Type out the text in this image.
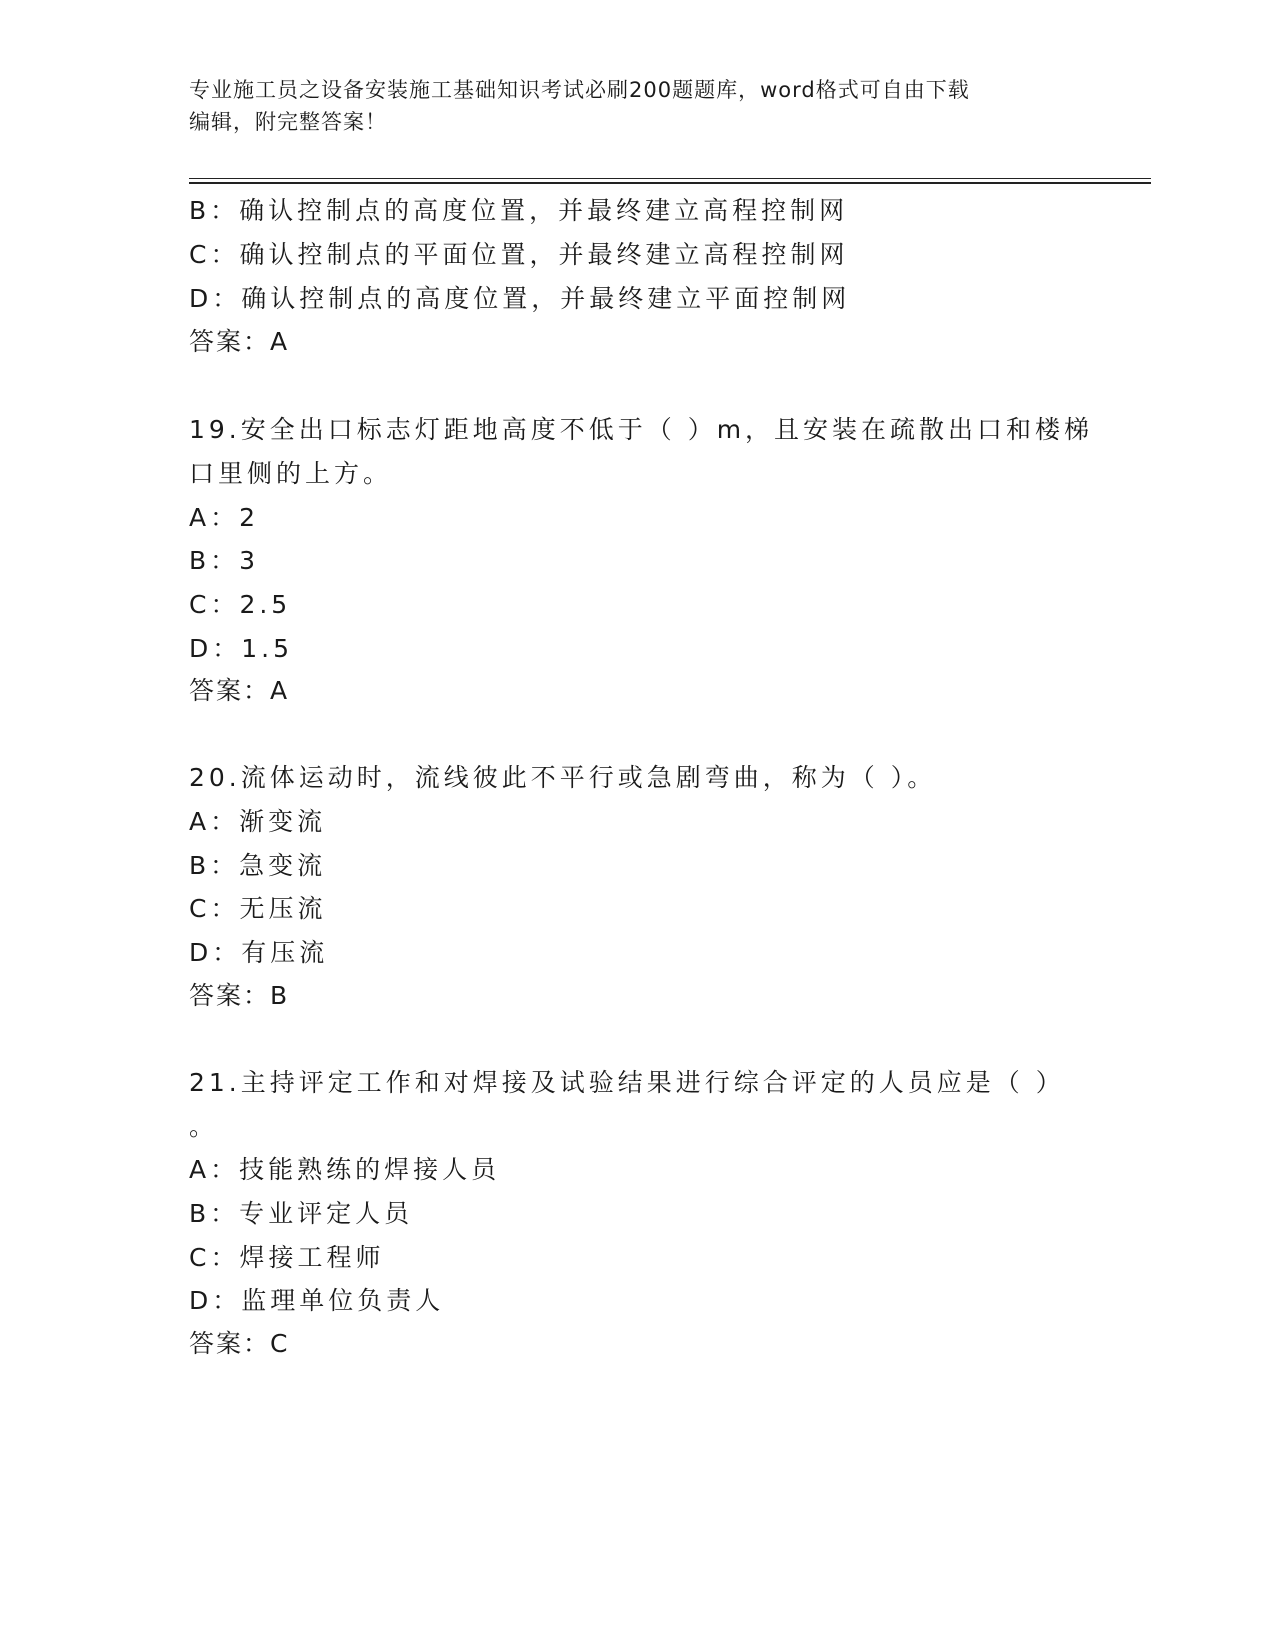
专业施工员之设备安装施工基础知识考试必刷200题题库，word格式可自由下载
编辑，附完整答案！
B：确认控制点的高度位置，并最终建立高程控制网
C：确认控制点的平面位置，并最终建立高程控制网
D：确认控制点的高度位置，并最终建立平面控制网
答案：A
19.安全出口标志灯距地高度不低于（ ）m，且安装在疏散出口和楼梯
口里侧的上方。
A：2
B：3
C：2.5
D：1.5
答案：A
20.流体运动时，流线彼此不平行或急剧弯曲，称为（ ）。
A：渐变流
B：急变流
C：无压流
D：有压流
答案：B
21.主持评定工作和对焊接及试验结果进行综合评定的人员应是（ ）
。
A：技能熟练的焊接人员
B：专业评定人员
C：焊接工程师
D：监理单位负责人
答案：C
